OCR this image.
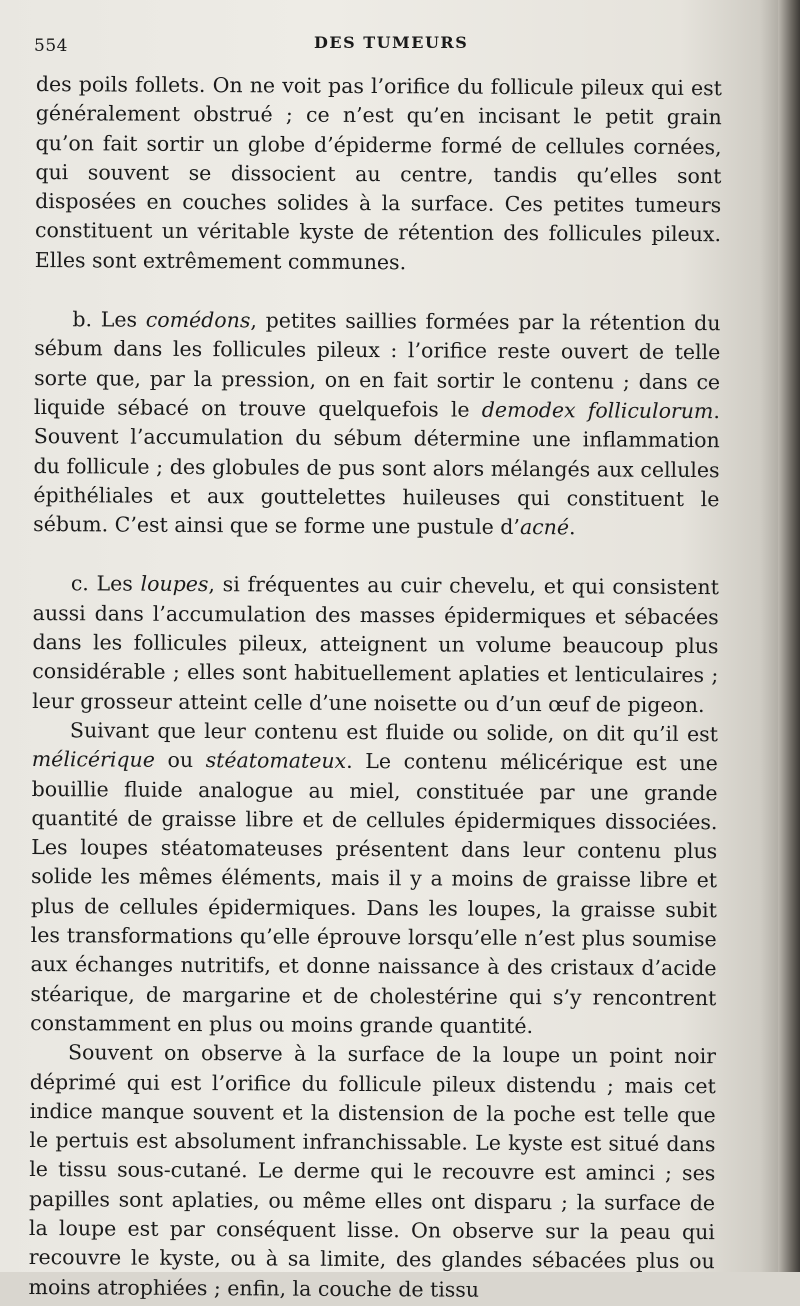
554	DES TUMEURS

des poils follets. On ne voit pas l’orifice du follicule pileux qui est généralement obstrué ; ce n’est qu’en incisant le petit grain qu’on fait sortir un globe d’épiderme formé de cellules cornées, qui souvent se dissocient au centre, tandis qu’elles sont disposées en couches solides à la surface. Ces petites tumeurs constituent un véritable kyste de rétention des follicules pileux. Elles sont extrêmement communes.

b. Les comédons, petites saillies formées par la rétention du sébum dans les follicules pileux : l’orifice reste ouvert de telle sorte que, par la pression, on en fait sortir le contenu ; dans ce liquide sébacé on trouve quelquefois le demodex folliculorum. Souvent l’accumulation du sébum détermine une inflammation du follicule ; des globules de pus sont alors mélangés aux cellules épithéliales et aux gouttelettes huileuses qui constituent le sébum. C’est ainsi que se forme une pustule d’acné.

c. Les loupes, si fréquentes au cuir chevelu, et qui consistent aussi dans l’accumulation des masses épidermiques et sébacées dans les follicules pileux, atteignent un volume beaucoup plus considérable ; elles sont habituellement aplaties et lenticulaires ; leur grosseur atteint celle d’une noisette ou d’un œuf de pigeon.

Suivant que leur contenu est fluide ou solide, on dit qu’il est mélicérique ou stéatomateux. Le contenu mélicérique est une bouillie fluide analogue au miel, constituée par une grande quantité de graisse libre et de cellules épidermiques dissociées. Les loupes stéatomateuses présentent dans leur contenu plus solide les mêmes éléments, mais il y a moins de graisse libre et plus de cellules épidermiques. Dans les loupes, la graisse subit les transformations qu’elle éprouve lorsqu’elle n’est plus soumise aux échanges nutritifs, et donne naissance à des cristaux d’acide stéarique, de margarine et de cholestérine qui s’y rencontrent constamment en plus ou moins grande quantité.

Souvent on observe à la surface de la loupe un point noir déprimé qui est l’orifice du follicule pileux distendu ; mais cet indice manque souvent et la distension de la poche est telle que le pertuis est absolument infranchissable. Le kyste est situé dans le tissu sous-cutané. Le derme qui le recouvre est aminci ; ses papilles sont aplaties, ou même elles ont disparu ; la surface de la loupe est par conséquent lisse. On observe sur la peau qui recouvre le kyste, ou à sa limite, des glandes sébacées plus ou moins atrophiées ; enfin, la couche de tissu
